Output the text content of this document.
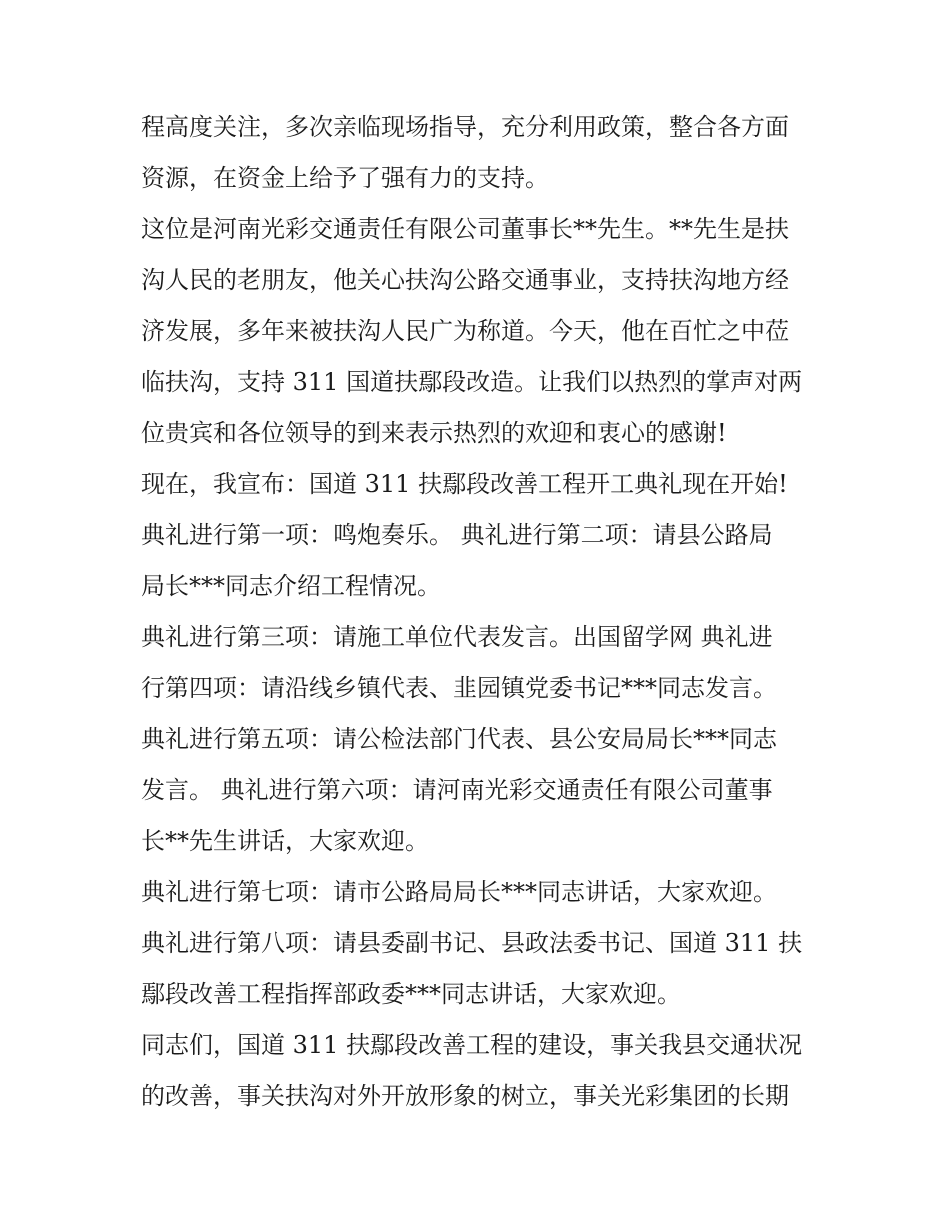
程高度关注，多次亲临现场指导，充分利用政策，整合各方面
资源，在资金上给予了强有力的支持。
这位是河南光彩交通责任有限公司董事长**先生。**先生是扶
沟人民的老朋友，他关心扶沟公路交通事业，支持扶沟地方经
济发展，多年来被扶沟人民广为称道。今天，他在百忙之中莅
临扶沟，支持 311 国道扶鄢段改造。让我们以热烈的掌声对两
位贵宾和各位领导的到来表示热烈的欢迎和衷心的感谢!
现在，我宣布：国道 311 扶鄢段改善工程开工典礼现在开始!
典礼进行第一项：鸣炮奏乐。 典礼进行第二项：请县公路局
局长***同志介绍工程情况。
典礼进行第三项：请施工单位代表发言。出国留学网 典礼进
行第四项：请沿线乡镇代表、韭园镇党委书记***同志发言。
典礼进行第五项：请公检法部门代表、县公安局局长***同志
发言。 典礼进行第六项：请河南光彩交通责任有限公司董事
长**先生讲话，大家欢迎。
典礼进行第七项：请市公路局局长***同志讲话，大家欢迎。
典礼进行第八项：请县委副书记、县政法委书记、国道 311 扶
鄢段改善工程指挥部政委***同志讲话，大家欢迎。
同志们，国道 311 扶鄢段改善工程的建设，事关我县交通状况
的改善，事关扶沟对外开放形象的树立，事关光彩集团的长期
